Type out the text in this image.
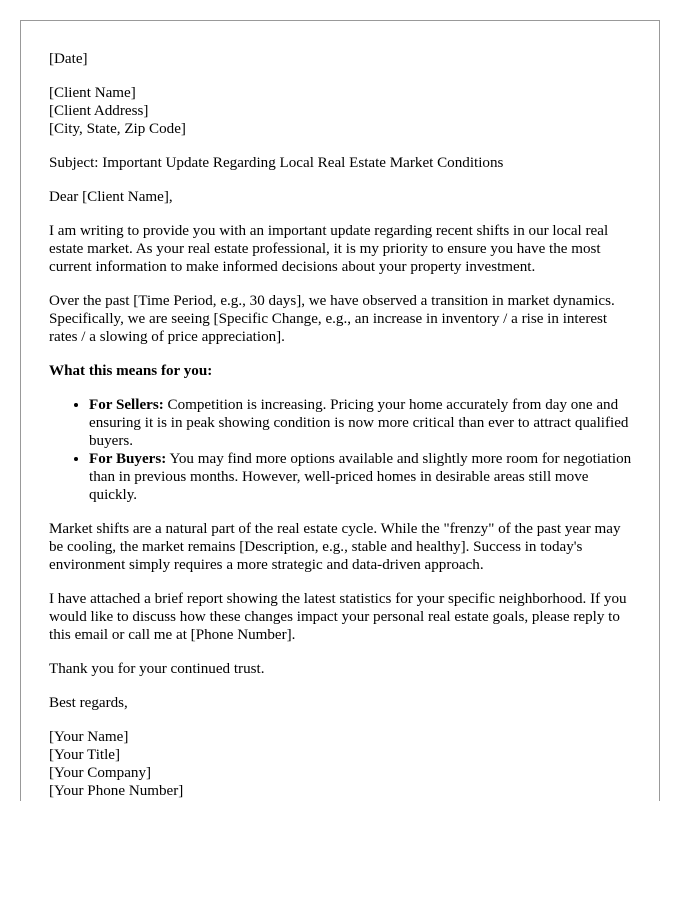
[Date]

[Client Name]
[Client Address]
[City, State, Zip Code]

Subject: Important Update Regarding Local Real Estate Market Conditions

Dear [Client Name],

I am writing to provide you with an important update regarding recent shifts in our local real estate market. As your real estate professional, it is my priority to ensure you have the most current information to make informed decisions about your property investment.

Over the past [Time Period, e.g., 30 days], we have observed a transition in market dynamics. Specifically, we are seeing [Specific Change, e.g., an increase in inventory / a rise in interest rates / a slowing of price appreciation].

What this means for you:

• For Sellers: Competition is increasing. Pricing your home accurately from day one and ensuring it is in peak showing condition is now more critical than ever to attract qualified buyers.
• For Buyers: You may find more options available and slightly more room for negotiation than in previous months. However, well-priced homes in desirable areas still move quickly.

Market shifts are a natural part of the real estate cycle. While the "frenzy" of the past year may be cooling, the market remains [Description, e.g., stable and healthy]. Success in today's environment simply requires a more strategic and data-driven approach.

I have attached a brief report showing the latest statistics for your specific neighborhood. If you would like to discuss how these changes impact your personal real estate goals, please reply to this email or call me at [Phone Number].

Thank you for your continued trust.

Best regards,

[Your Name]
[Your Title]
[Your Company]
[Your Phone Number]
